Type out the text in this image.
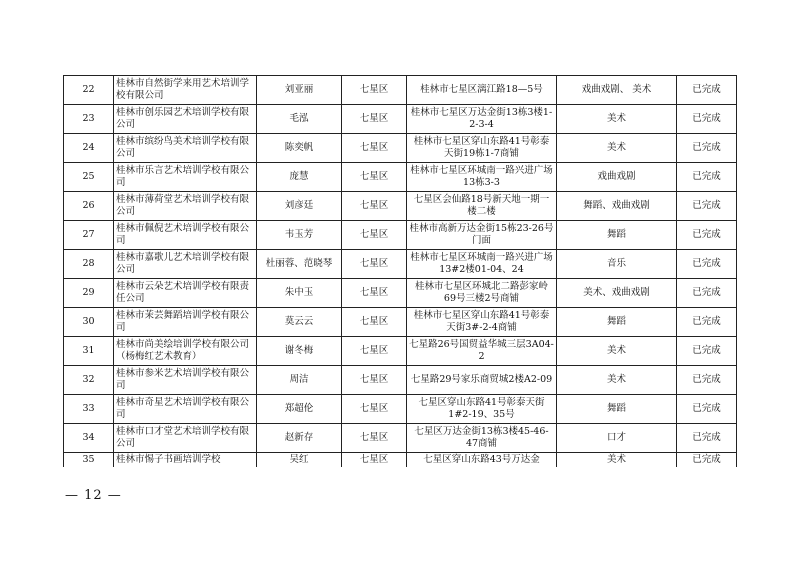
22	桂林市自然街学来用艺术培训学校有限公司	刘亚丽	七星区	桂林市七星区漓江路18—5号	戏曲戏剧、 美术	已完成
23	桂林市创乐园艺术培训学校有限公司	毛泓	七星区	桂林市七星区万达金街13栋3楼1-2-3-4	美术	已完成
24	桂林市缤纷鸟美术培训学校有限公司	陈奕帆	七星区	桂林市七星区穿山东路41号彰泰天街19栋1-7商铺	美术	已完成
25	桂林市乐言艺术培训学校有限公司	庞慧	七星区	桂林市七星区环城南一路兴进广场13栋3-3	戏曲戏剧	已完成
26	桂林市薄荷堂艺术培训学校有限公司	刘彦廷	七星区	七星区会仙路18号新天地一期一楼二楼	舞蹈、戏曲戏剧	已完成
27	桂林市佩倪艺术培训学校有限公司	韦玉芳	七星区	桂林市高新万达金街15栋23-26号门面	舞蹈	已完成
28	桂林市嘉歌儿艺术培训学校有限公司	杜丽蓉、范晓琴	七星区	桂林市七星区环城南一路兴进广场13#2楼01-04、24	音乐	已完成
29	桂林市云朵艺术培训学校有限责任公司	朱中玉	七星区	桂林市七星区环城北二路彭家岭69号三楼2号商铺	美术、戏曲戏剧	已完成
30	桂林市茉芸舞蹈培训学校有限公司	莫云云	七星区	桂林市七星区穿山东路41号彰泰天街3#-2-4商铺	舞蹈	已完成
31	桂林市尚美绘培训学校有限公司（杨梅红艺术教育）	谢冬梅	七星区	七星路26号国贸益华城三层3A04-2	美术	已完成
32	桂林市参米艺术培训学校有限公司	周洁	七星区	七星路29号家乐商贸城2楼A2-09	美术	已完成
33	桂林市奇星艺术培训学校有限公司	郑超伦	七星区	七星区穿山东路41号彰泰天街1#2-19、35号	舞蹈	已完成
34	桂林市口才堂艺术培训学校有限公司	赵新存	七星区	七星区万达金街13栋3楼45-46-47商铺	口才	已完成
35	桂林市惕子书画培训学校	吴红	七星区	七星区穿山东路43号万达金	美术	已完成
— 12 —
